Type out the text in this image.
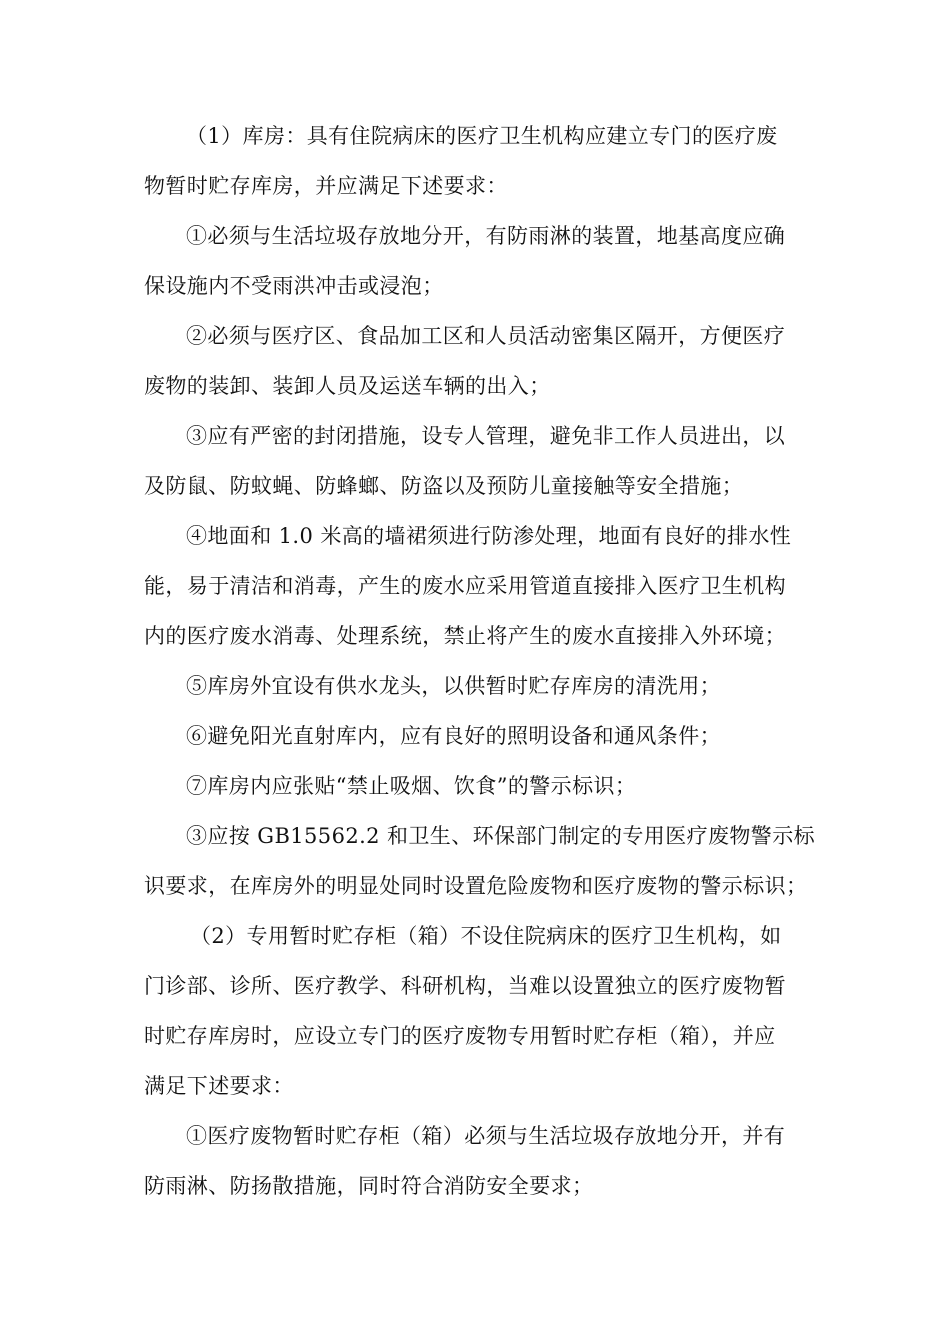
（1）库房：具有住院病床的医疗卫生机构应建立专门的医疗废

物暂时贮存库房，并应满足下述要求：

①必须与生活垃圾存放地分开，有防雨淋的装置，地基高度应确

保设施内不受雨洪冲击或浸泡；

②必须与医疗区、食品加工区和人员活动密集区隔开，方便医疗

废物的装卸、装卸人员及运送车辆的出入；

③应有严密的封闭措施，设专人管理，避免非工作人员进出，以

及防鼠、防蚊蝇、防蜂螂、防盗以及预防儿童接触等安全措施；

④地面和 1.0 米高的墙裙须进行防渗处理，地面有良好的排水性

能，易于清洁和消毒，产生的废水应采用管道直接排入医疗卫生机构

内的医疗废水消毒、处理系统，禁止将产生的废水直接排入外环境；

⑤库房外宜设有供水龙头，以供暂时贮存库房的清洗用；

⑥避免阳光直射库内，应有良好的照明设备和通风条件；

⑦库房内应张贴“禁止吸烟、饮食”的警示标识；

③应按 GB15562.2 和卫生、环保部门制定的专用医疗废物警示标

识要求，在库房外的明显处同时设置危险废物和医疗废物的警示标识；

（2）专用暂时贮存柜（箱）不设住院病床的医疗卫生机构，如

门诊部、诊所、医疗教学、科研机构，当难以设置独立的医疗废物暂

时贮存库房时，应设立专门的医疗废物专用暂时贮存柜（箱），并应

满足下述要求：

①医疗废物暂时贮存柜（箱）必须与生活垃圾存放地分开，并有

防雨淋、防扬散措施，同时符合消防安全要求；
